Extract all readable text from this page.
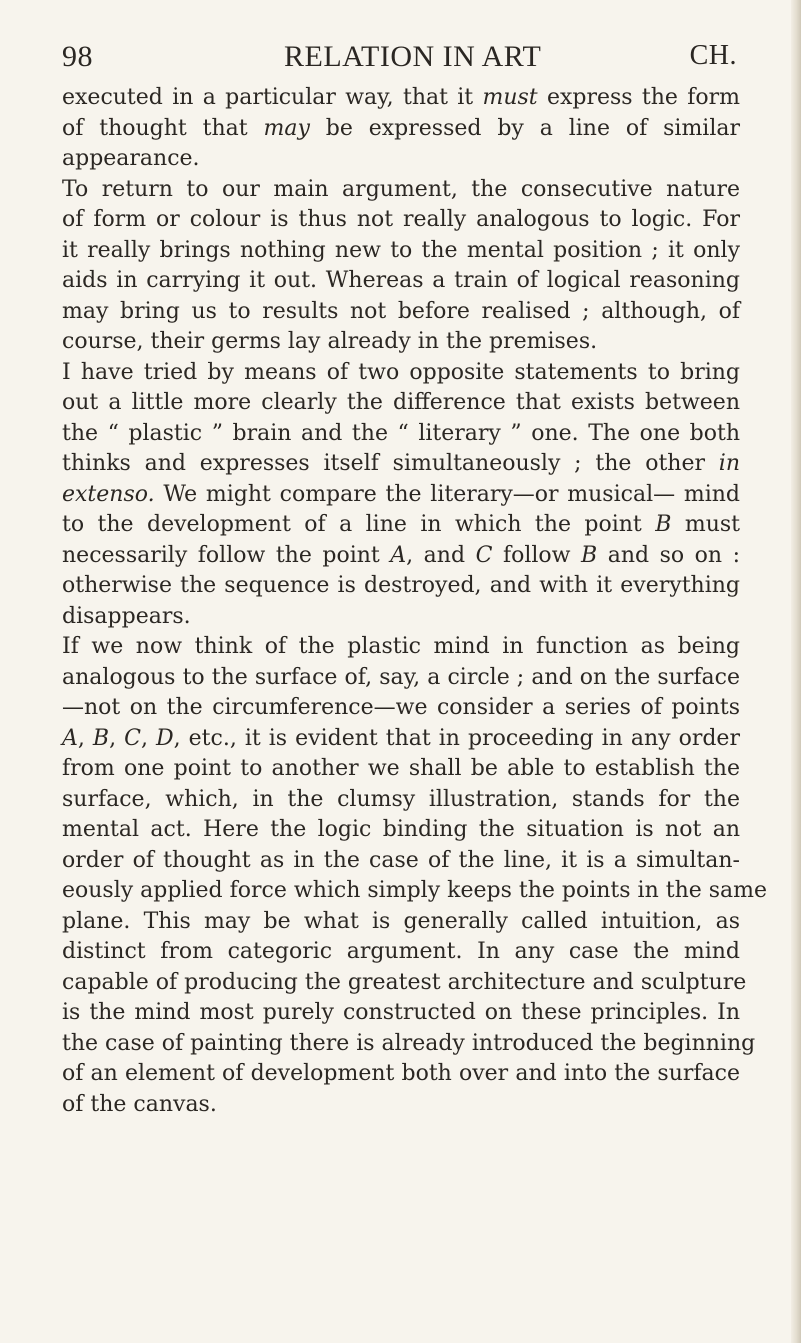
98	RELATION IN ART	CH.
executed in a particular way, that it must express the form
of thought that may be expressed by a line of similar
appearance.
To return to our main argument, the consecutive nature
of form or colour is thus not really analogous to logic. For
it really brings nothing new to the mental position ; it only
aids in carrying it out. Whereas a train of logical reasoning
may bring us to results not before realised ; although, of
course, their germs lay already in the premises.
I have tried by means of two opposite statements to bring
out a little more clearly the difference that exists between
the “ plastic ” brain and the “ literary ” one. The one both
thinks and expresses itself simultaneously ; the other in
extenso. We might compare the literary—or musical— mind
to the development of a line in which the point B must
necessarily follow the point A, and C follow B and so on :
otherwise the sequence is destroyed, and with it everything
disappears.
If we now think of the plastic mind in function as being
analogous to the surface of, say, a circle ; and on the surface
—not on the circumference—we consider a series of points
A, B, C, D, etc., it is evident that in proceeding in any order
from one point to another we shall be able to establish the
surface, which, in the clumsy illustration, stands for the
mental act. Here the logic binding the situation is not an
order of thought as in the case of the line, it is a simultan-
eously applied force which simply keeps the points in the same
plane. This may be what is generally called intuition, as
distinct from categoric argument. In any case the mind
capable of producing the greatest architecture and sculpture
is the mind most purely constructed on these principles. In
the case of painting there is already introduced the beginning
of an element of development both over and into the surface
of the canvas.
